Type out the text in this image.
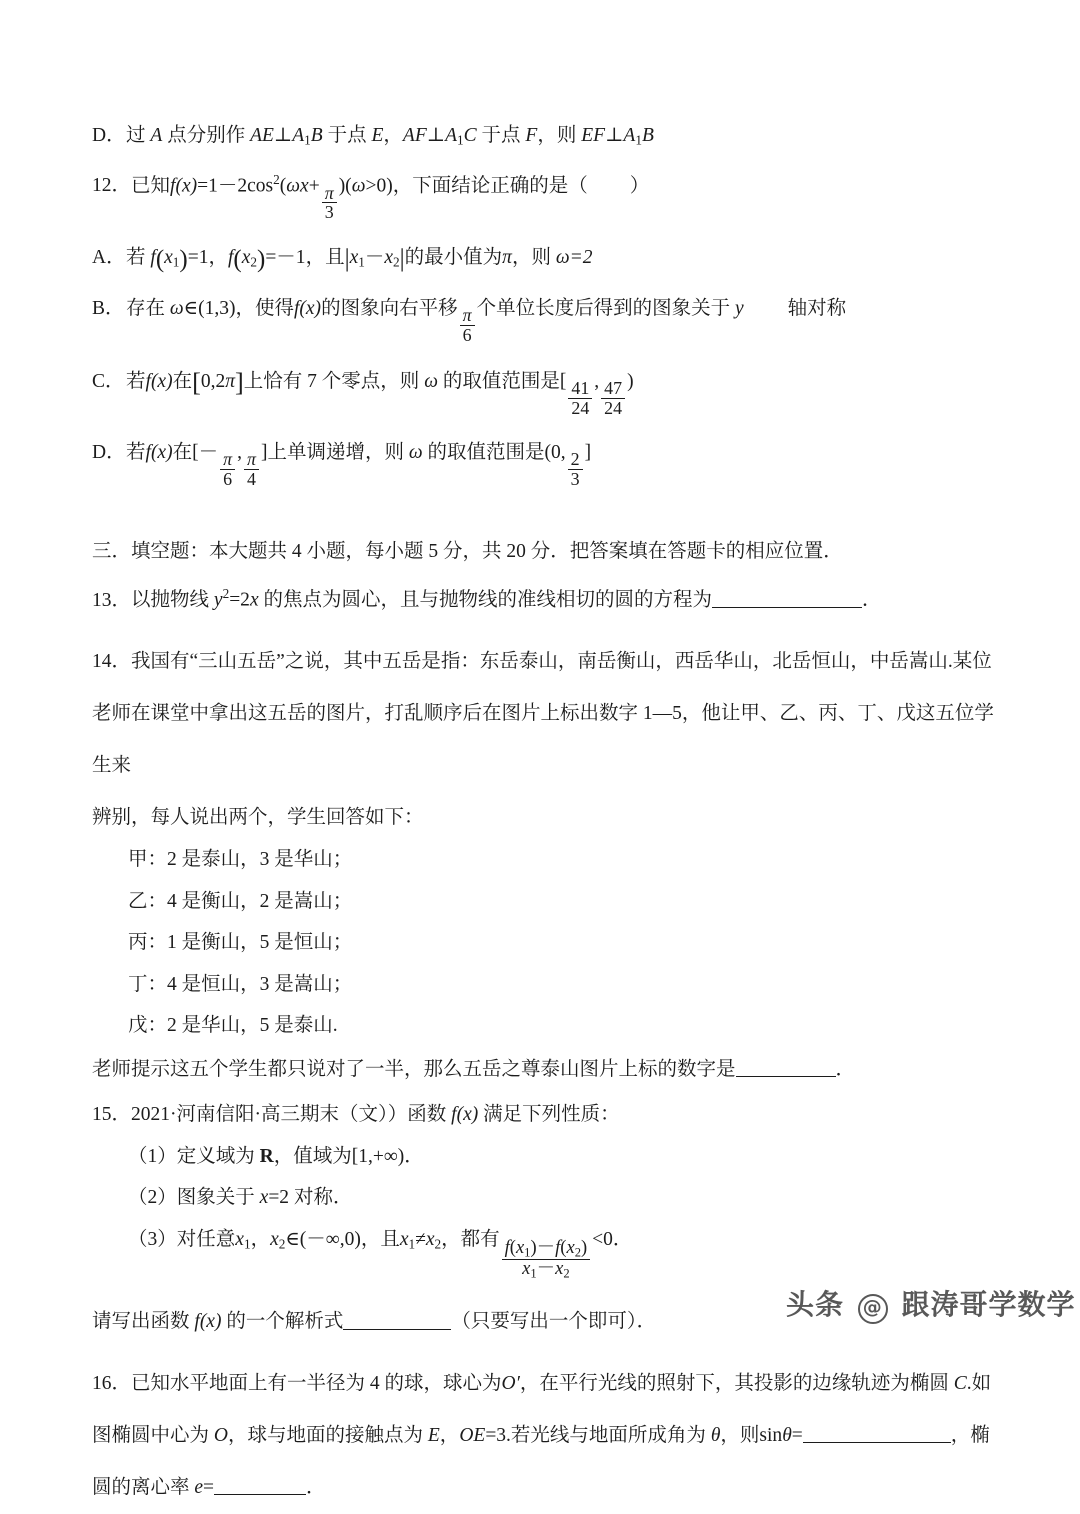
D． 过 A 点分别作 AE⊥A1B 于点 E，AF⊥A1C 于点 F，则 EF⊥A1B
12． 已知$f(x)=1-2\cos^2(\omega x+ \frac{\pi}{3} )(\omega>0)$，下面结论正确的是（ ）
A． 若 f(x1)=1，f(x2)=－1，且|x1－x2|的最小值为π，则 ω=2
B． 存在 ω∈(1,3)，使得f(x)的图象向右平移 $\frac{\pi}{6}$ 个单位长度后得到的图象关于 y 轴对称
C． 若f(x)在[0,2π]上恰有 7 个零点，则 ω 的取值范围是[ $\frac{41}{24}$ , $\frac{47}{24}$ )
D． 若f(x)在[－ $\frac{\pi}{6}$ , $\frac{\pi}{4}$ ]上单调递增，则 ω 的取值范围是(0, $\frac{2}{3}$ ]
三． 填空题：本大题共 4 小题，每小题 5 分，共 20 分．把答案填在答题卡的相应位置．
13． 以抛物线 $y^2=2x$ 的焦点为圆心，且与抛物线的准线相切的圆的方程为	．
14．我国有“三山五岳”之说，其中五岳是指：东岳泰山，南岳衡山，西岳华山，北岳恒山，中岳嵩山.某位
老师在课堂中拿出这五岳的图片，打乱顺序后在图片上标出数字 1—5，他让甲、乙、丙、丁、戊这五位学生来
辨别，每人说出两个，学生回答如下：
甲：2 是泰山，3 是华山；
乙：4 是衡山，2 是嵩山；
丙：1 是衡山，5 是恒山；
丁：4 是恒山，3 是嵩山；
戊：2 是华山，5 是泰山.
老师提示这五个学生都只说对了一半，那么五岳之尊泰山图片上标的数字是	．
15． 2021·河南信阳·高三期末（文））函数 f(x) 满足下列性质：
（1）定义域为 R，值域为[1,+∞)．
（2）图象关于 x=2 对称．
（3）对任意x1，x2∈(－∞,0)，且x1≠x2，都有 $\frac{f(x1)-f(x2)}{x1-x2} <0$．
请写出函数 f(x) 的一个解析式	（只要写出一个即可）．
16．已知水平地面上有一半径为 4 的球，球心为O′，在平行光线的照射下，其投影的边缘轨迹为椭圆 C.如
图椭圆中心为 O，球与地面的接触点为 E，OE=3.若光线与地面所成角为 θ，则sinθ=	，椭
圆的离心率 e=	．
头条 @ 跟涛哥学数学
